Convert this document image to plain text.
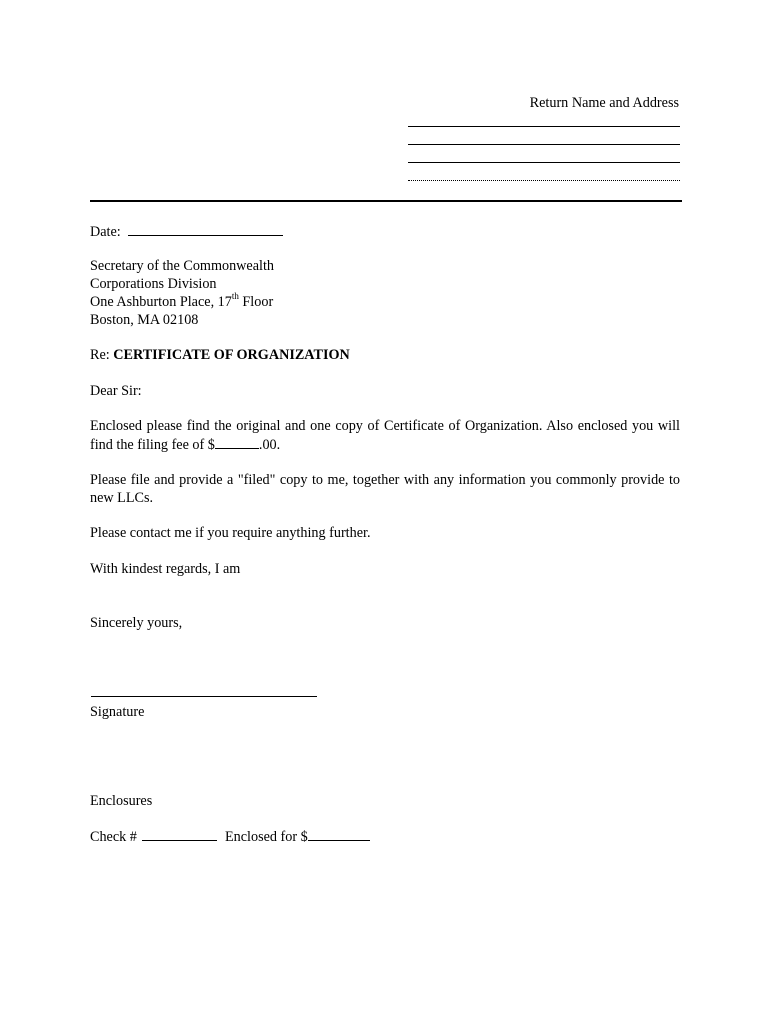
Return Name and Address
Date:
Secretary of the Commonwealth
Corporations Division
One Ashburton Place, 17th Floor
Boston, MA 02108
Re: CERTIFICATE OF ORGANIZATION
Dear Sir:
Enclosed please find the original and one copy of Certificate of Organization. Also enclosed you will find the filing fee of $	.00.
Please file and provide a "filed" copy to me, together with any information you commonly provide to new LLCs.
Please contact me if you require anything further.
With kindest regards, I am
Sincerely yours,
Signature
Enclosures
Check #	Enclosed for $
